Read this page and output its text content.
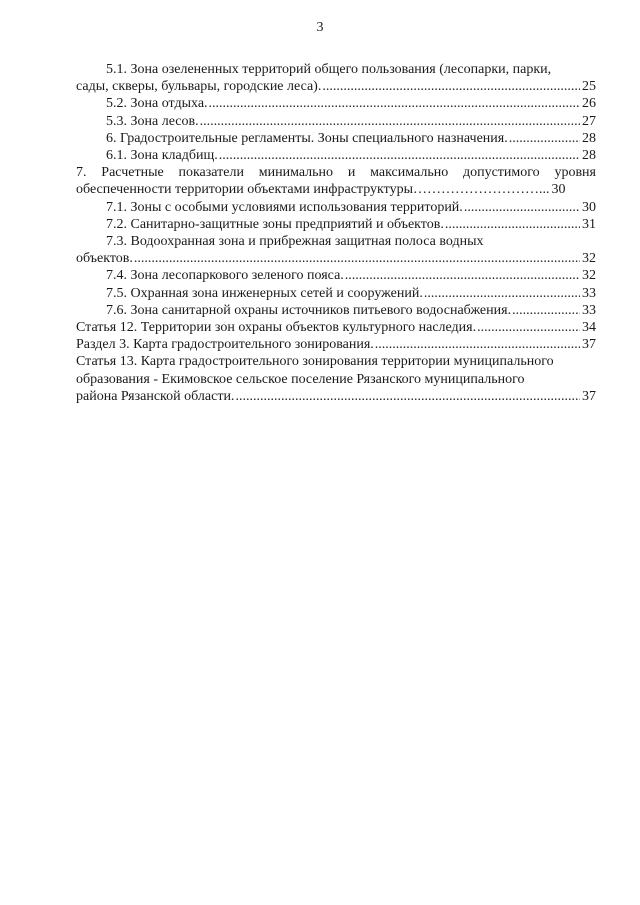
3
5.1. Зона озелененных территорий общего пользования (лесопарки, парки,
сады, скверы, бульвары, городские леса). .....	25
5.2. Зона отдыха. .....	26
5.3. Зона лесов. .....	27
6. Градостроительные регламенты. Зоны специального назначения. .....	28
6.1. Зона кладбищ. .....	28
7. Расчетные показатели минимально и максимально допустимого уровня
обеспеченности территории объектами инфраструктуры………………………... 30
7.1. Зоны с особыми условиями использования территорий. .....	30
7.2. Санитарно-защитные зоны предприятий и объектов. .....	31
7.3. Водоохранная зона и прибрежная защитная полоса водных
объектов. .....	32
7.4. Зона лесопаркового зеленого пояса. .....	32
7.5. Охранная зона инженерных сетей и сооружений. .....	33
7.6. Зона санитарной охраны источников питьевого водоснабжения. .....	33
Статья 12. Территории зон охраны объектов культурного наследия. .....	34
Раздел 3. Карта градостроительного зонирования. .....	37
Статья 13. Карта градостроительного зонирования территории муниципального
образования - Екимовское сельское поселение Рязанского муниципального
района Рязанской области. .....	37
